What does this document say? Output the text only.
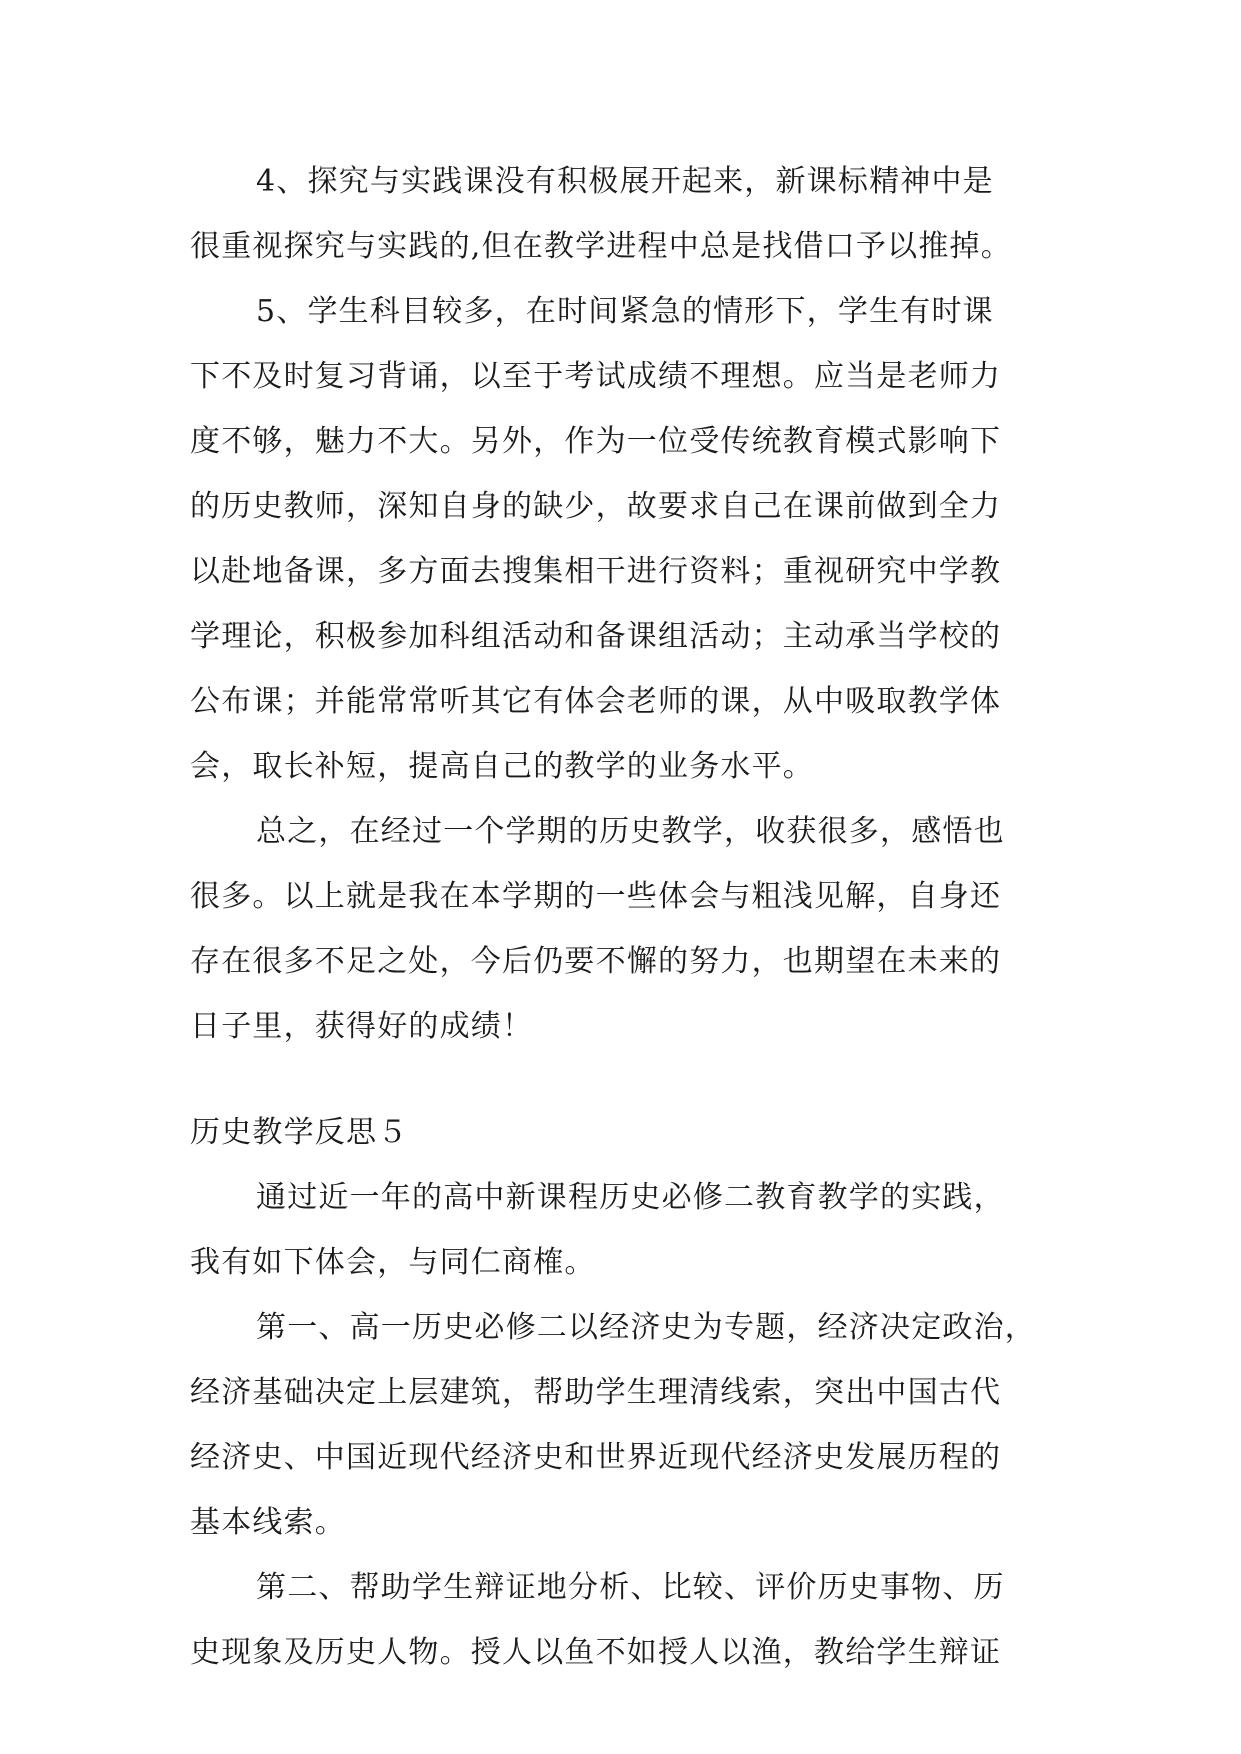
4、探究与实践课没有积极展开起来，新课标精神中是
很重视探究与实践的,但在教学进程中总是找借口予以推掉。
5、学生科目较多，在时间紧急的情形下，学生有时课
下不及时复习背诵，以至于考试成绩不理想。应当是老师力
度不够，魅力不大。另外，作为一位受传统教育模式影响下
的历史教师，深知自身的缺少，故要求自己在课前做到全力
以赴地备课，多方面去搜集相干进行资料；重视研究中学教
学理论，积极参加科组活动和备课组活动；主动承当学校的
公布课；并能常常听其它有体会老师的课，从中吸取教学体
会，取长补短，提高自己的教学的业务水平。
总之，在经过一个学期的历史教学，收获很多，感悟也
很多。以上就是我在本学期的一些体会与粗浅见解，自身还
存在很多不足之处，今后仍要不懈的努力，也期望在未来的
日子里，获得好的成绩！
历史教学反思５
通过近一年的高中新课程历史必修二教育教学的实践，
我有如下体会，与同仁商榷。
第一、高一历史必修二以经济史为专题，经济决定政治，
经济基础决定上层建筑，帮助学生理清线索，突出中国古代
经济史、中国近现代经济史和世界近现代经济史发展历程的
基本线索。
第二、帮助学生辩证地分析、比较、评价历史事物、历
史现象及历史人物。授人以鱼不如授人以渔，教给学生辩证
